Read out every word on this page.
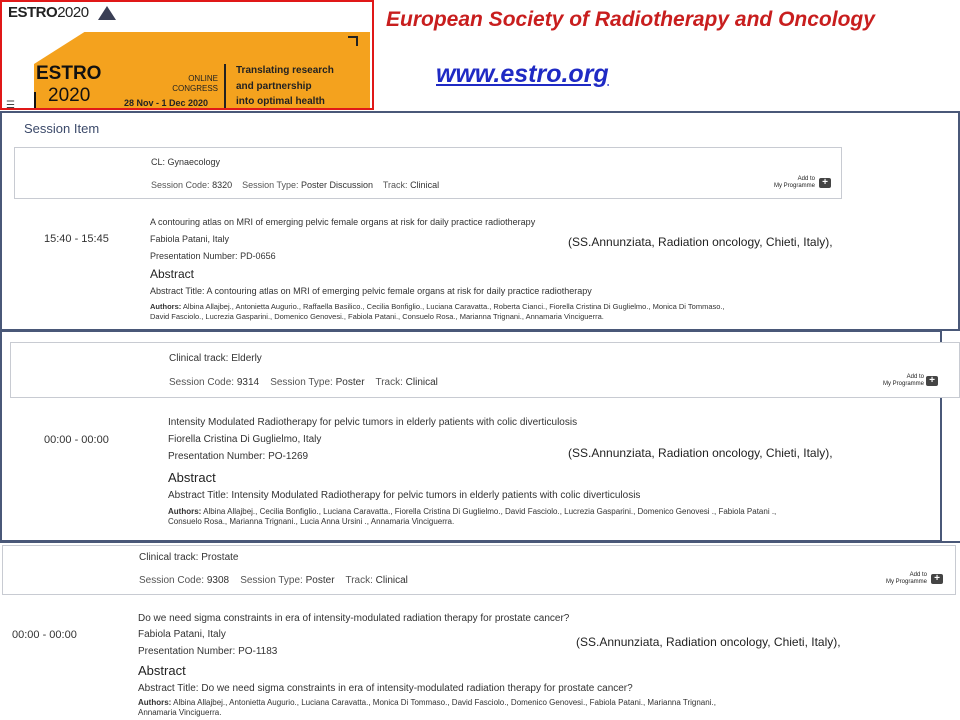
ESTRO2020
ESTRO
2020
☰
ONLINE
CONGRESS
28 Nov - 1 Dec 2020
Translating research
and partnership
into optimal health
European Society of Radiotherapy and Oncology
www.estro.org
Session Item
CL: Gynaecology
Session Code: 8320 Session Type: Poster Discussion Track: Clinical
Add to
My Programme +
15:40 - 15:45
A contouring atlas on MRI of emerging pelvic female organs at risk for daily practice radiotherapy
Fabiola Patani, Italy	(SS.Annunziata, Radiation oncology, Chieti, Italy),
Presentation Number: PD-0656
Abstract
Abstract Title: A contouring atlas on MRI of emerging pelvic female organs at risk for daily practice radiotherapy
Authors: Albina Allajbej., Antonietta Augurio., Raffaella Basilico., Cecilia Bonfiglio., Luciana Caravatta., Roberta Cianci., Fiorella Cristina Di Guglielmo., Monica Di Tommaso.,
David Fasciolo., Lucrezia Gasparini., Domenico Genovesi., Fabiola Patani., Consuelo Rosa., Marianna Trignani., Annamaria Vinciguerra.
Clinical track: Elderly
Session Code: 9314 Session Type: Poster Track: Clinical	Add to
My Programme +
00:00 - 00:00
Intensity Modulated Radiotherapy for pelvic tumors in elderly patients with colic diverticulosis
Fiorella Cristina Di Guglielmo, Italy
(SS.Annunziata, Radiation oncology, Chieti, Italy),
Presentation Number: PO-1269
Abstract
Abstract Title: Intensity Modulated Radiotherapy for pelvic tumors in elderly patients with colic diverticulosis
Authors: Albina Allajbej., Cecilia Bonfiglio., Luciana Caravatta., Fiorella Cristina Di Guglielmo., David Fasciolo., Lucrezia Gasparini., Domenico Genovesi ., Fabiola Patani .,
Consuelo Rosa., Marianna Trignani., Lucia Anna Ursini ., Annamaria Vinciguerra.
Clinical track: Prostate
Session Code: 9308 Session Type: Poster Track: Clinical	Add to
My Programme +
00:00 - 00:00
Do we need sigma constraints in era of intensity-modulated radiation therapy for prostate cancer?
Fabiola Patani, Italy
(SS.Annunziata, Radiation oncology, Chieti, Italy),
Presentation Number: PO-1183
Abstract
Abstract Title: Do we need sigma constraints in era of intensity-modulated radiation therapy for prostate cancer?
Authors: Albina Allajbej., Antonietta Augurio., Luciana Caravatta., Monica Di Tommaso., David Fasciolo., Domenico Genovesi., Fabiola Patani., Marianna Trignani.,
Annamaria Vinciguerra.
